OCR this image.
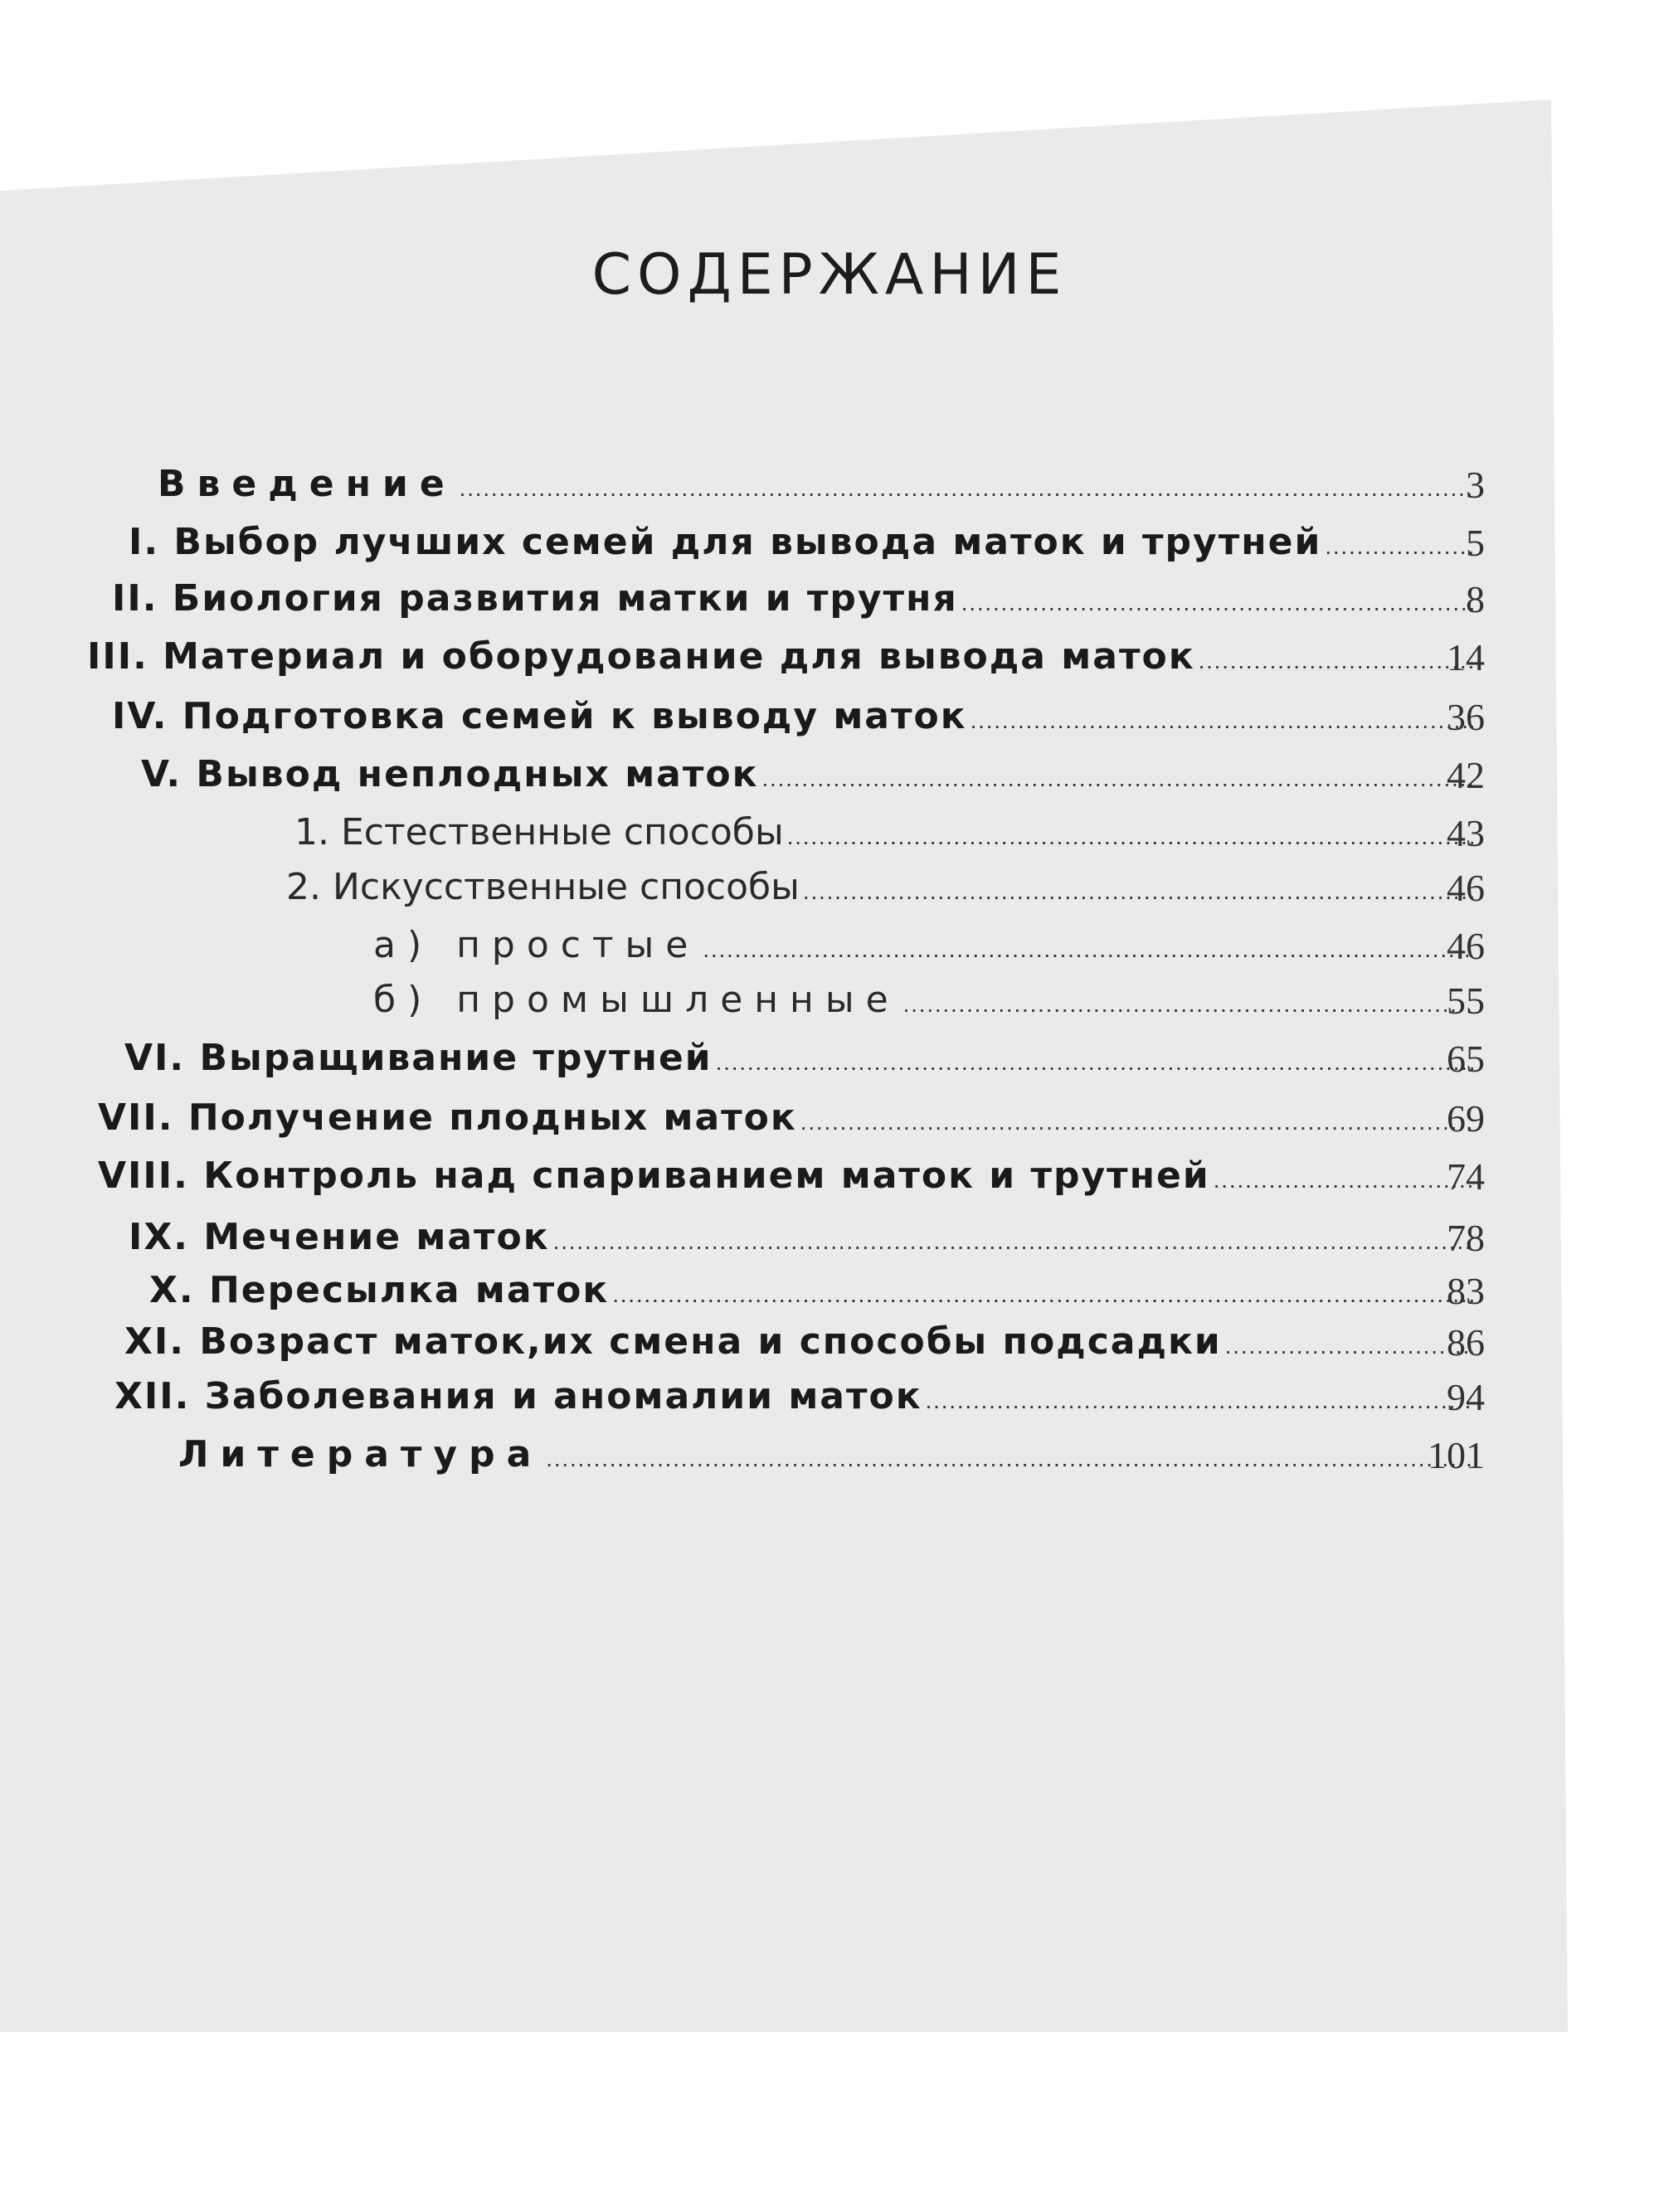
СОДЕРЖАНИЕ
Введение . . .	3
I. Выбор лучших семей для вывода маток и трутней . . .	5
II. Биология развития матки и трутня . . .	8
III. Материал и оборудование для вывода маток . . .	14
IV. Подготовка семей к выводу маток . . .	36
V. Вывод неплодных маток . . .	42
1. Естественные способы . . .	43
2. Искусственные способы . . .	46
а) простые . . .	46
б) промышленные . . .	55
VI. Выращивание трутней . . .	65
VII. Получение плодных маток . . .	69
VIII. Контроль над спариванием маток и трутней . . .	74
IX. Мечение маток . . .	78
X. Пересылка маток . . .	83
XI. Возраст маток,их смена и способы подсадки . . .	86
XII. Заболевания и аномалии маток . . .	94
Литература . . .	101
